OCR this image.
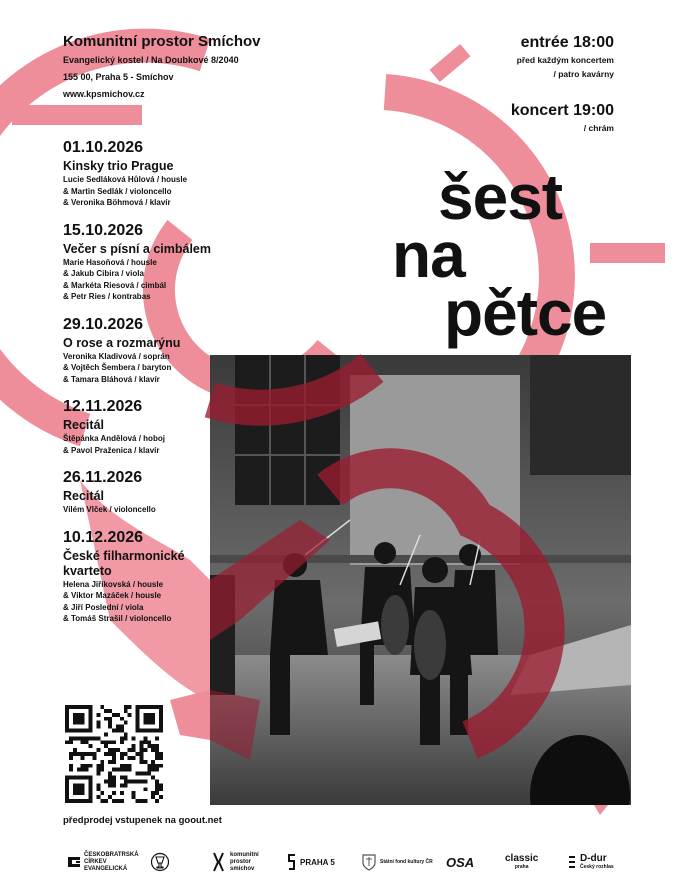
Komunitní prostor Smíchov
Evangelický kostel / Na Doubkové 8/2040
155 00, Praha 5 - Smíchov
www.kpsmichov.cz
entrée 18:00
před každým koncertem
/ patro kavárny
koncert 19:00
/ chrám
šest
na
pětce
01.10.2026
Kinsky trio Prague
Lucie Sedláková Hůlová / housle
& Martin Sedlák / violoncello
& Veronika Böhmová / klavír
15.10.2026
Večer s písní a cimbálem
Marie Hasoňová / housle
& Jakub Cibira / viola
& Markéta Riesová / cimbál
& Petr Ries / kontrabas
29.10.2026
O rose a rozmarýnu
Veronika Kladivová / soprán
& Vojtěch Šembera / baryton
& Tamara Bláhová / klavír
12.11.2026
Recitál
Štěpánka Andělová / hoboj
& Pavol Praženica / klavír
26.11.2026
Recitál
Vilém Vlček / violoncello
10.12.2026
České filharmonické kvarteto
Helena Jiříkovská / housle
& Viktor Mazáček / housle
& Jiří Poslední / viola
& Tomáš Strašil / violoncello
předprodej vstupenek na goout.net
ČESKOBRATRSKÁ
CÍRKEV
EVANGELICKÁ
komunitní
prostor
smíchov
PRAHA 5	Státní fond kultury ČR OSA	classic
praha
D-dur
Český rozhlas
